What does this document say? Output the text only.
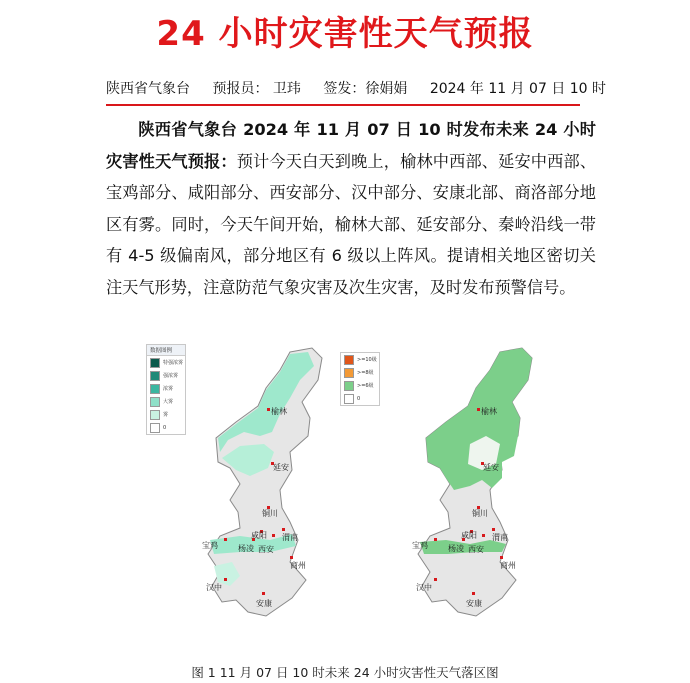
24 小时灾害性天气预报
陕西省气象台 预报员： 卫玮 签发：徐娟娟 2024 年 11 月 07 日 10 时
陕西省气象台 2024 年 11 月 07 日 10 时发布未来 24 小时灾害性天气预报：预计今天白天到晚上，榆林中西部、延安中西部、宝鸡部分、咸阳部分、西安部分、汉中部分、安康北部、商洛部分地区有雾。同时，今天午间开始，榆林大部、延安部分、秦岭沿线一带有 4-5 级偏南风，部分地区有 6 级以上阵风。提请相关地区密切关注天气形势，注意防范气象灾害及次生灾害，及时发布预警信号。
榆林
延安
铜川
宝鸡	杨凌
咸阳
西安
渭南
商州
汉中
安康
数据图例
特强浓雾
强浓雾
浓雾
大雾
雾
0
榆林
延安
铜川
宝鸡	杨凌
咸阳
西安
渭南
商州
汉中
安康
>=10级
>=8级
>=6级
0
图 1 11 月 07 日 10 时未来 24 小时灾害性天气落区图
